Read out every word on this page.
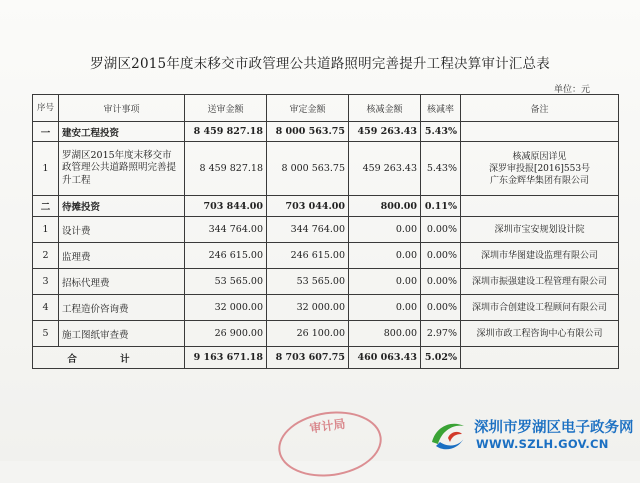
罗湖区2015年度末移交市政管理公共道路照明完善提升工程决算审计汇总表
单位：元
序号	审计事项	送审金额	审定金额	核减金额	核减率	备注
一	建安工程投资	8 459 827.18	8 000 563.75	459 263.43	5.43%	
1	罗湖区2015年度末移交市政管理公共道路照明完善提升工程	8 459 827.18	8 000 563.75	459 263.43	5.43%	核减原因详见
深罗审投报[2016]553号
广东金辉华集团有限公司

二	待摊投资	703 844.00	703 044.00	800.00	0.11%	
1	设计费	344 764.00	344 764.00	0.00	0.00%	深圳市宝安规划设计院
2	监理费	246 615.00	246 615.00	0.00	0.00%	深圳市华图建设监理有限公司
3	招标代理费	53 565.00	53 565.00	0.00	0.00%	深圳市振强建设工程管理有限公司
4	工程造价咨询费	32 000.00	32 000.00	0.00	0.00%	深圳市合创建设工程顾问有限公司
5	施工图纸审查费	26 900.00	26 100.00	800.00	2.97%	深圳市政工程咨询中心有限公司
合 计		9 163 671.18	8 703 607.75	460 063.43	5.02%	
审计局	深圳市罗湖区电子政务网
WWW.SZLH.GOV.CN
